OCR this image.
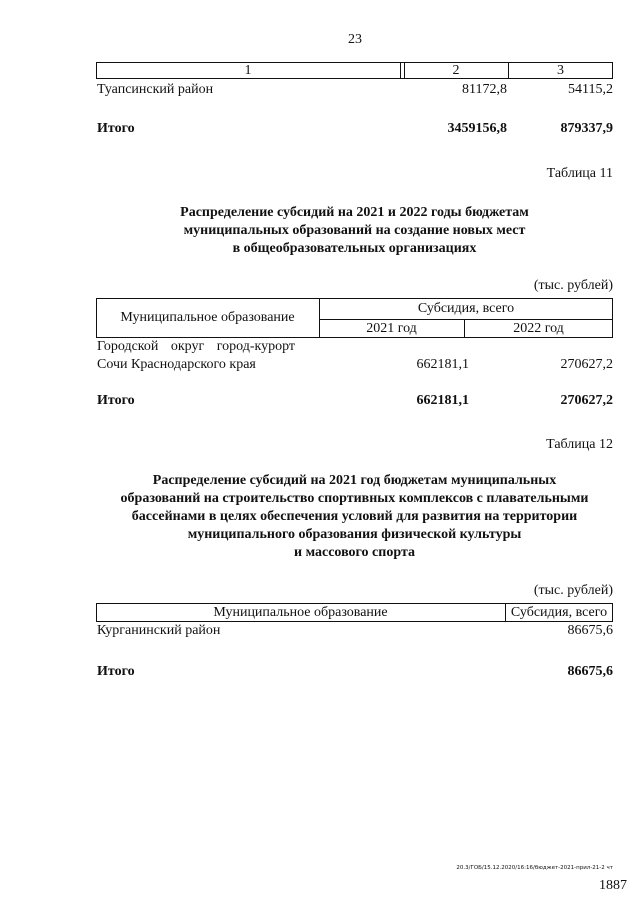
23
1	2	3
Туапсинский район	81172,8	54115,2
Итого	3459156,8	879337,9
Таблица 11
Распределение субсидий на 2021 и 2022 годы бюджетам
муниципальных образований на создание новых мест
в общеобразовательных организациях
(тыс. рублей)
Муниципальное образование
Субсидия, всего
2021 год	2022 год
Городской округ город-курорт
Сочи Краснодарского края	662181,1	270627,2
Итого	662181,1	270627,2
Таблица 12
Распределение субсидий на 2021 год бюджетам муниципальных
образований на строительство спортивных комплексов с плавательными
бассейнами в целях обеспечения условий для развития на территории
муниципального образования физической культуры
и массового спорта
(тыс. рублей)
Муниципальное образование	Субсидия, всего
Курганинский район	86675,6
Итого	86675,6
20.3/ГОБ/15.12.2020/16:16/бюджет-2021-прил-21-2 чт
1887
